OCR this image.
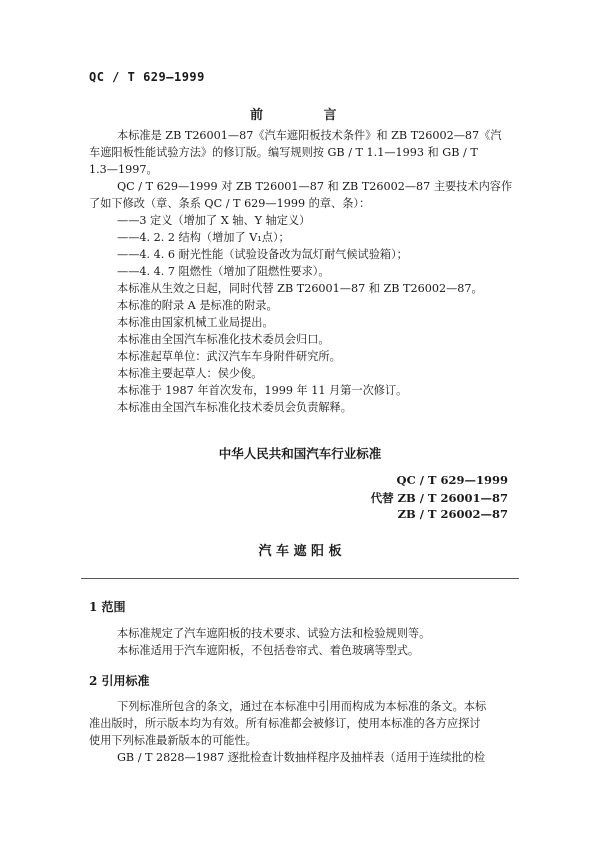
QC / T 629—1999
前 言
本标准是 ZB T26001—87《汽车遮阳板技术条件》和 ZB T26002—87《汽
车遮阳板性能试验方法》的修订版。编写规则按 GB / T 1.1—1993 和 GB / T
1.3—1997。
QC / T 629—1999 对 ZB T26001—87 和 ZB T26002—87 主要技术内容作
了如下修改（章、条系 QC / T 629—1999 的章、条）：
——3 定义（增加了 X 轴、Y 轴定义）
——4. 2. 2 结构（增加了 V₁点）；
——4. 4. 6 耐光性能（试验设备改为氙灯耐气候试验箱）；
——4. 4. 7 阻燃性（增加了阻燃性要求）。
本标准从生效之日起，同时代替 ZB T26001—87 和 ZB T26002—87。
本标准的附录 A 是标准的附录。
本标准由国家机械工业局提出。
本标准由全国汽车标准化技术委员会归口。
本标准起草单位：武汉汽车车身附件研究所。
本标准主要起草人：侯少俊。
本标准于 1987 年首次发布，1999 年 11 月第一次修订。
本标准由全国汽车标准化技术委员会负责解释。
中华人民共和国汽车行业标准
QC / T 629—1999
代替 ZB / T 26001—87
ZB / T 26002—87
汽 车 遮 阳 板
1 范围
本标准规定了汽车遮阳板的技术要求、试验方法和检验规则等。
本标准适用于汽车遮阳板，不包括卷帘式、着色玻璃等型式。
2 引用标准
下列标准所包含的条文，通过在本标准中引用而构成为本标准的条文。本标
准出版时，所示版本均为有效。所有标准都会被修订，使用本标准的各方应探讨
使用下列标准最新版本的可能性。
GB / T 2828—1987 逐批检查计数抽样程序及抽样表（适用于连续批的检
